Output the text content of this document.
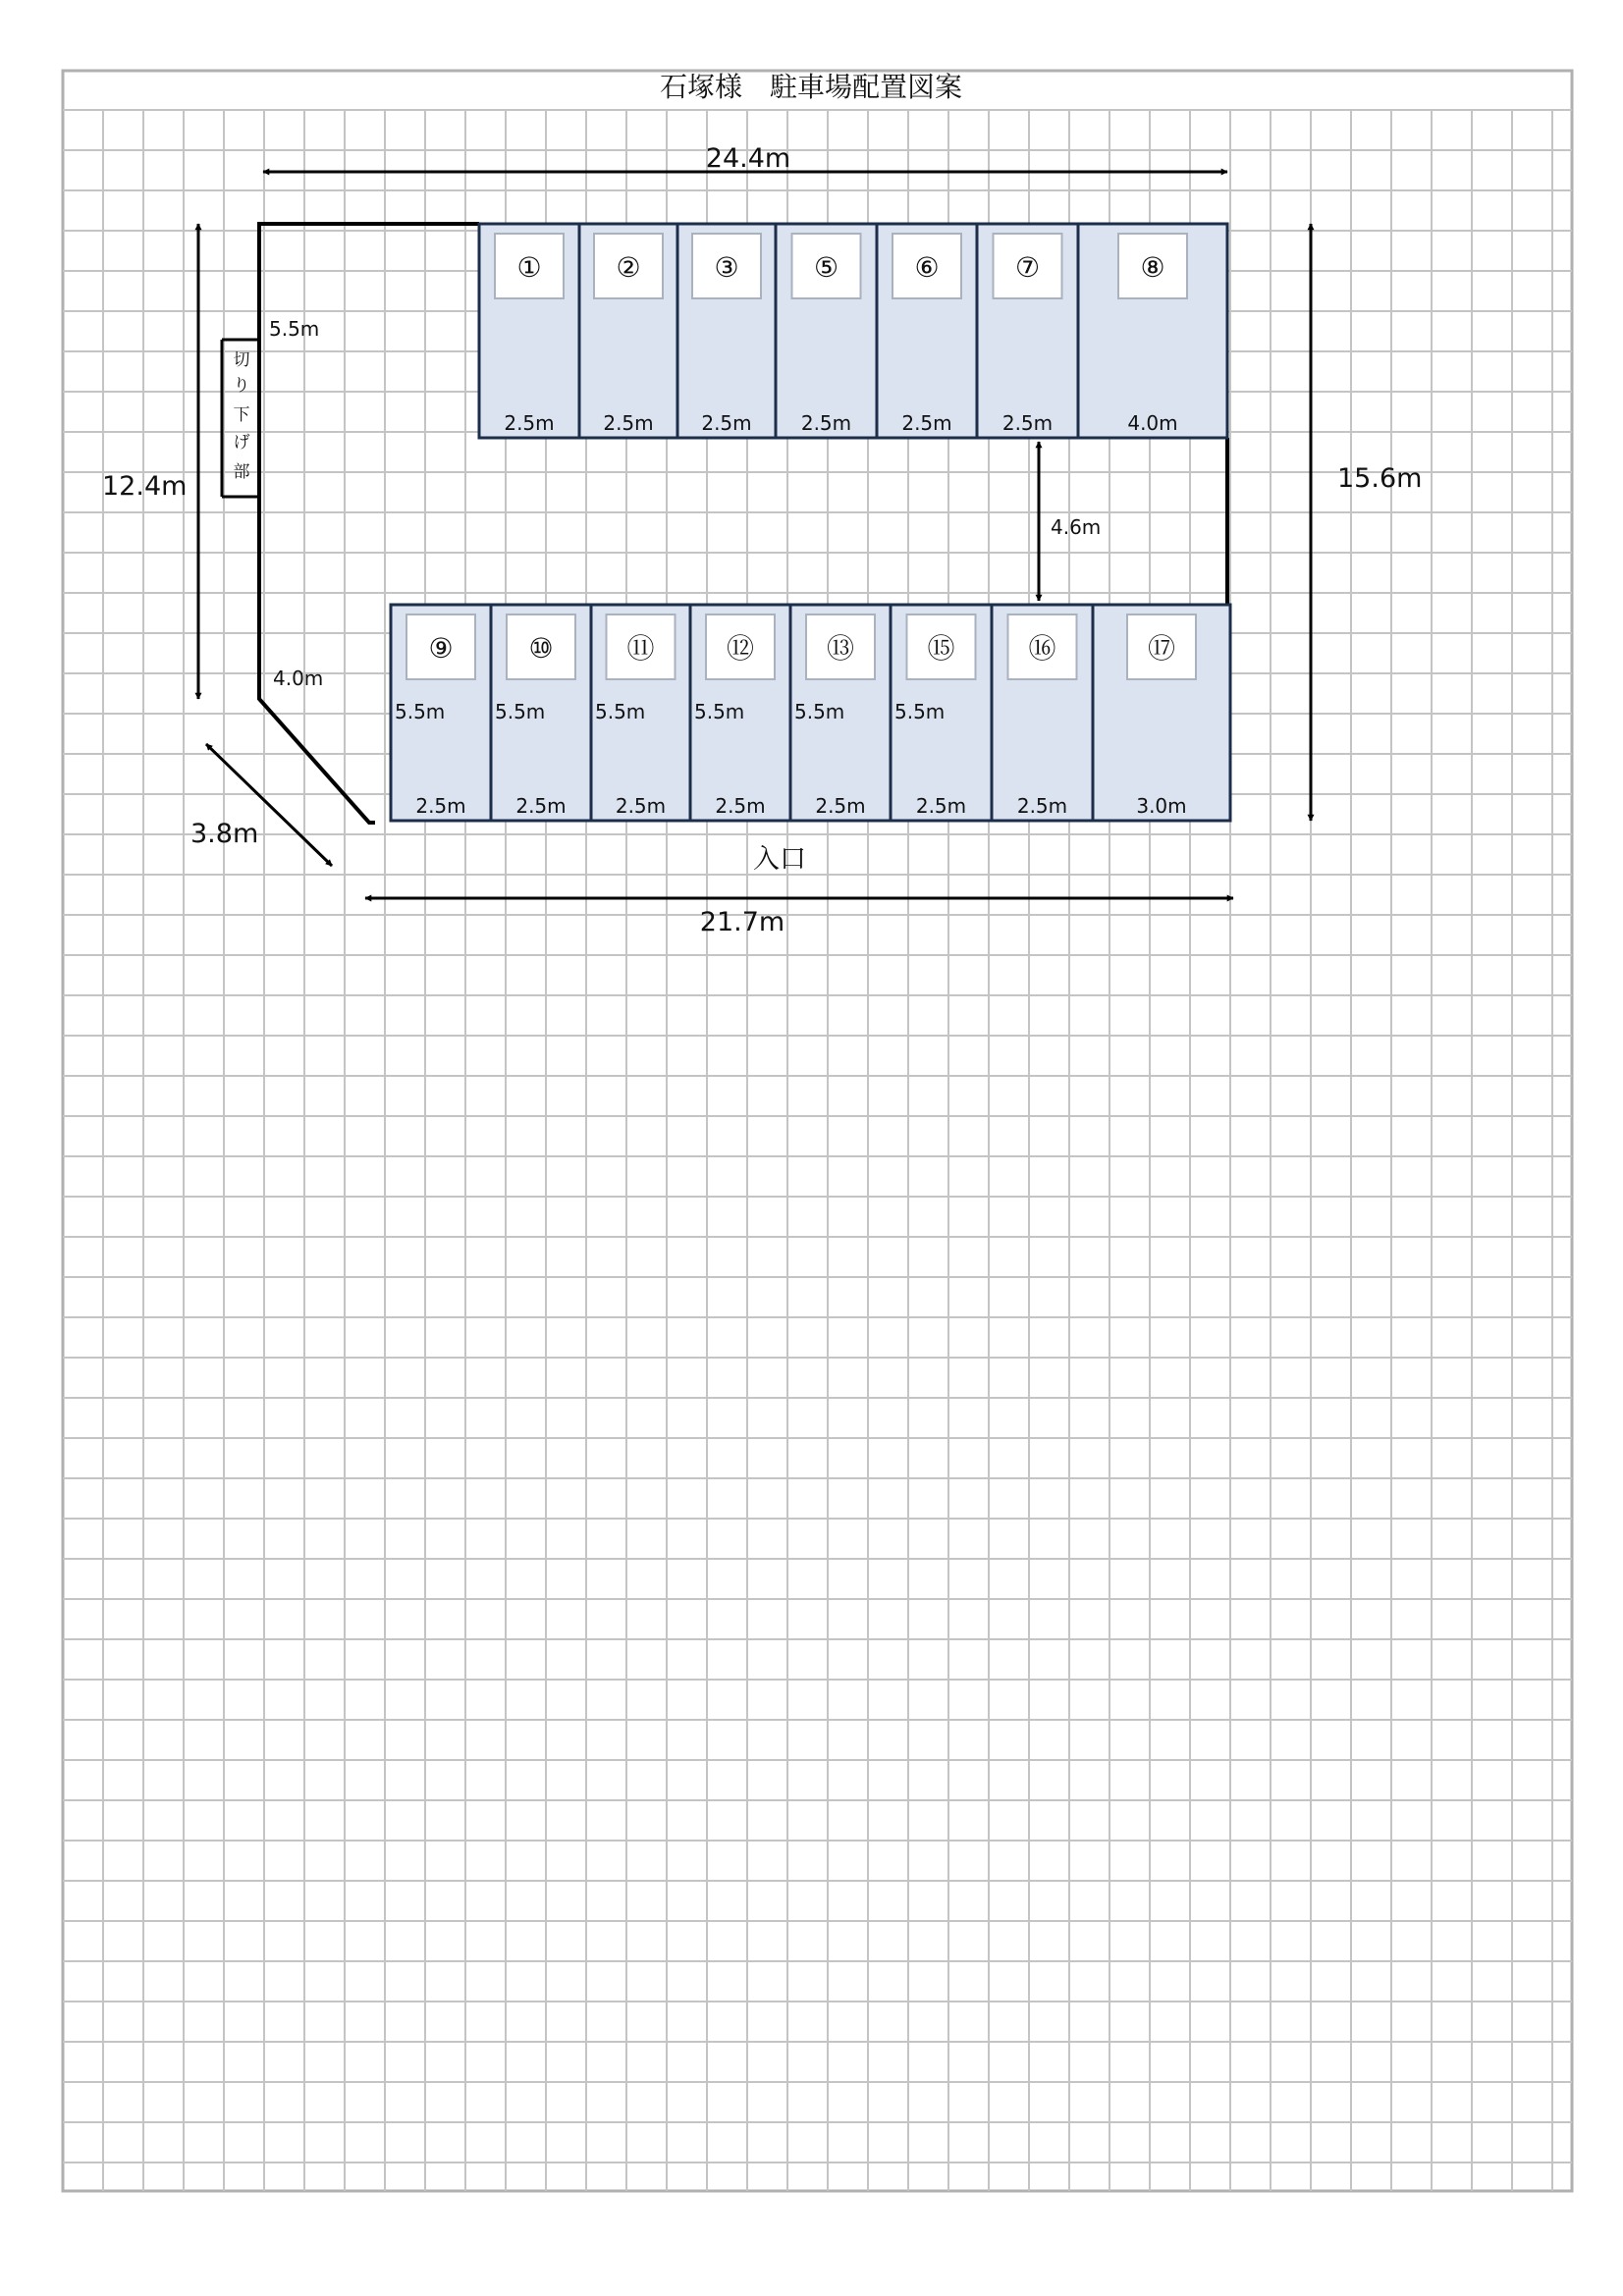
石塚様　駐車場配置図案
切
り
下
げ
部
①
2.5m
②
2.5m
③
2.5m
⑤
2.5m
⑥
2.5m
⑦
2.5m
⑧
4.0m
⑨
2.5m
5.5m
⑩
2.5m
5.5m
⑪
2.5m
5.5m
⑫
2.5m
5.5m
⑬
2.5m
5.5m
⑮
2.5m
5.5m
⑯
2.5m
⑰
3.0m
24.4m
12.4m	15.6m
4.6m
21.7m
3.8m
5.5m
4.0m
入口
